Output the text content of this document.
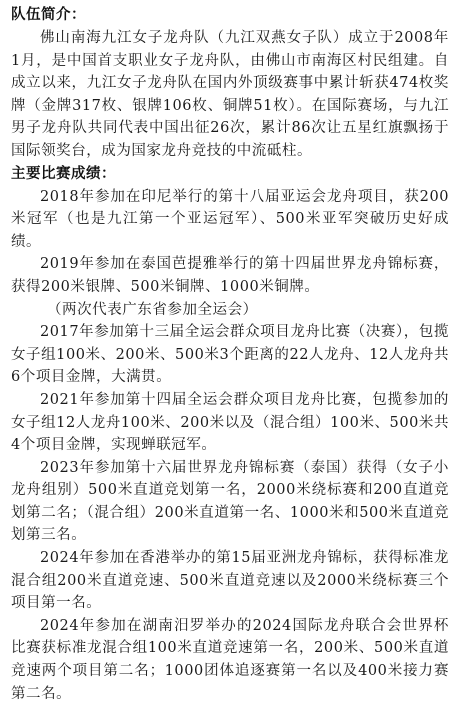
队伍简介：

佛山南海九江女子龙舟队（九江双燕女子队）成立于2008年1月，是中国首支职业女子龙舟队，由佛山市南海区村民组建。自成立以来，九江女子龙舟队在国内外顶级赛事中累计斩获474枚奖牌（金牌317枚、银牌106枚、铜牌51枚）。在国际赛场，与九江男子龙舟队共同代表中国出征26次，累计86次让五星红旗飘扬于国际领奖台，成为国家龙舟竞技的中流砥柱。

主要比赛成绩：

2018年参加在印尼举行的第十八届亚运会龙舟项目，获200米冠军（也是九江第一个亚运冠军）、500米亚军突破历史好成绩。

2019年参加在泰国芭提雅举行的第十四届世界龙舟锦标赛，获得200米银牌、500米铜牌、1000米铜牌。

（两次代表广东省参加全运会）

2017年参加第十三届全运会群众项目龙舟比赛（决赛），包揽女子组100米、200米、500米3个距离的22人龙舟、12人龙舟共6个项目金牌，大满贯。

2021年参加第十四届全运会群众项目龙舟比赛，包揽参加的女子组12人龙舟100米、200米以及（混合组）100米、500米共4个项目金牌，实现蝉联冠军。

2023年参加第十六届世界龙舟锦标赛（泰国）获得（女子小龙舟组别）500米直道竞划第一名，2000米绕标赛和200直道竞划第二名；（混合组）200米直道第一名、1000米和500米直道竞划第三名。

2024年参加在香港举办的第15届亚洲龙舟锦标，获得标准龙混合组200米直道竞速、500米直道竞速以及2000米绕标赛三个项目第一名。

2024年参加在湖南汨罗举办的2024国际龙舟联合会世界杯比赛获标准龙混合组100米直道竞速第一名，200米、500米直道竞速两个项目第二名；1000团体追逐赛第一名以及400米接力赛第二名。
